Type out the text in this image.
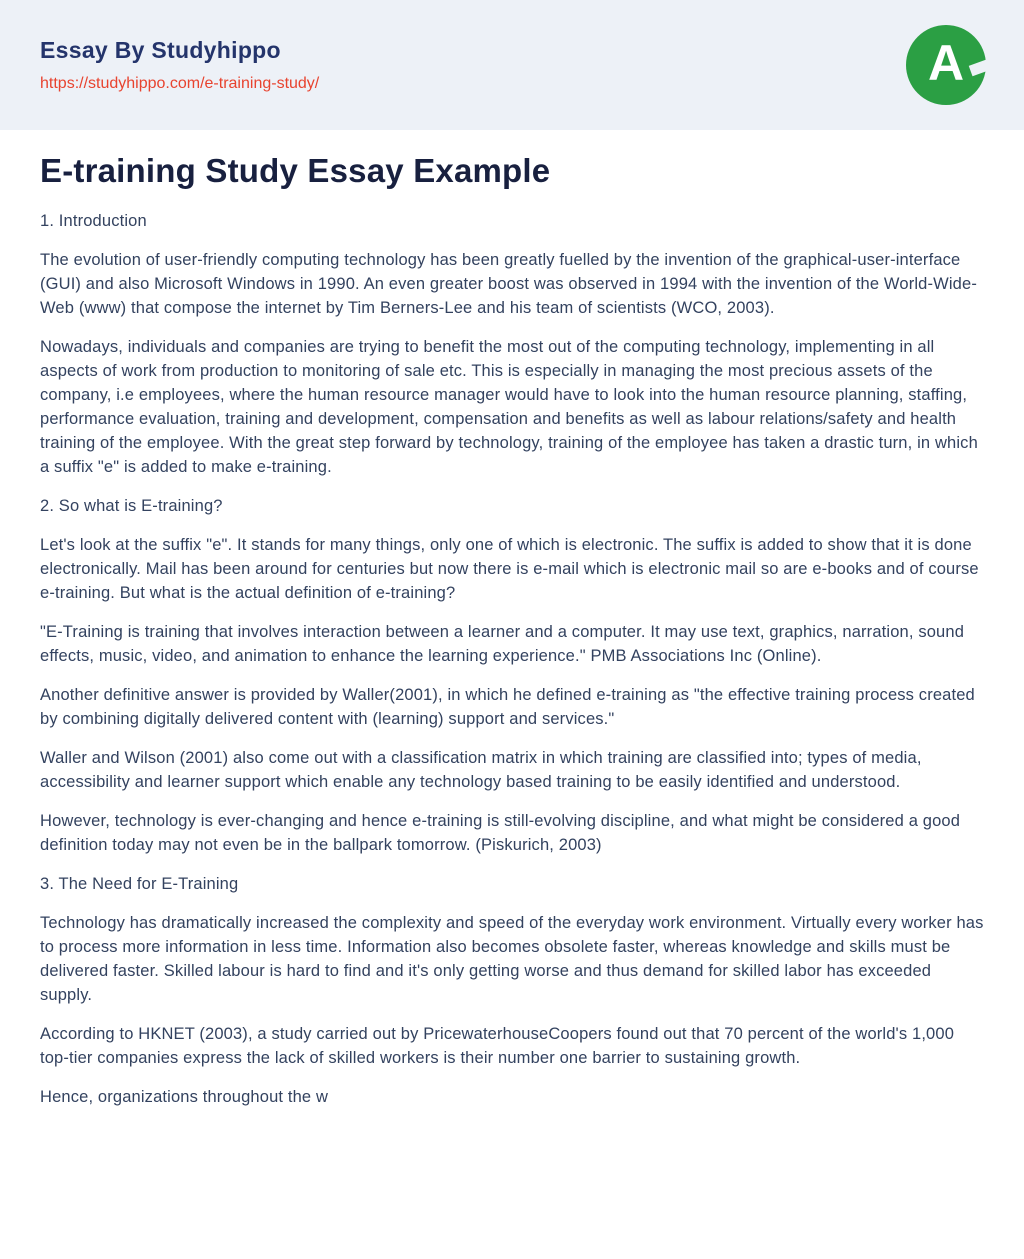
Essay By Studyhippo
https://studyhippo.com/e-training-study/	A
E-training Study Essay Example

1. Introduction

The evolution of user-friendly computing technology has been greatly fuelled by the invention of the graphical-user-interface (GUI) and also Microsoft Windows in 1990. An even greater boost was observed in 1994 with the invention of the World-Wide-Web (www) that compose the internet by Tim Berners-Lee and his team of scientists (WCO, 2003).

Nowadays, individuals and companies are trying to benefit the most out of the computing technology, implementing in all aspects of work from production to monitoring of sale etc. This is especially in managing the most precious assets of the company, i.e employees, where the human resource manager would have to look into the human resource planning, staffing, performance evaluation, training and development, compensation and benefits as well as labour relations/safety and health training of the employee. With the great step forward by technology, training of the employee has taken a drastic turn, in which a suffix "e" is added to make e-training.

2. So what is E-training?

Let's look at the suffix "e". It stands for many things, only one of which is electronic. The suffix is added to show that it is done electronically. Mail has been around for centuries but now there is e-mail which is electronic mail so are e-books and of course e-training. But what is the actual definition of e-training?

"E-Training is training that involves interaction between a learner and a computer. It may use text, graphics, narration, sound effects, music, video, and animation to enhance the learning experience." PMB Associations Inc (Online).

Another definitive answer is provided by Waller(2001), in which he defined e-training as "the effective training process created by combining digitally delivered content with (learning) support and services."

Waller and Wilson (2001) also come out with a classification matrix in which training are classified into; types of media, accessibility and learner support which enable any technology based training to be easily identified and understood.

However, technology is ever-changing and hence e-training is still-evolving discipline, and what might be considered a good definition today may not even be in the ballpark tomorrow. (Piskurich, 2003)

3. The Need for E-Training

Technology has dramatically increased the complexity and speed of the everyday work environment. Virtually every worker has to process more information in less time. Information also becomes obsolete faster, whereas knowledge and skills must be delivered faster. Skilled labour is hard to find and it's only getting worse and thus demand for skilled labor has exceeded supply.

According to HKNET (2003), a study carried out by PricewaterhouseCoopers found out that 70 percent of the world's 1,000 top-tier companies express the lack of skilled workers is their number one barrier to sustaining growth.

Hence, organizations throughout the w
